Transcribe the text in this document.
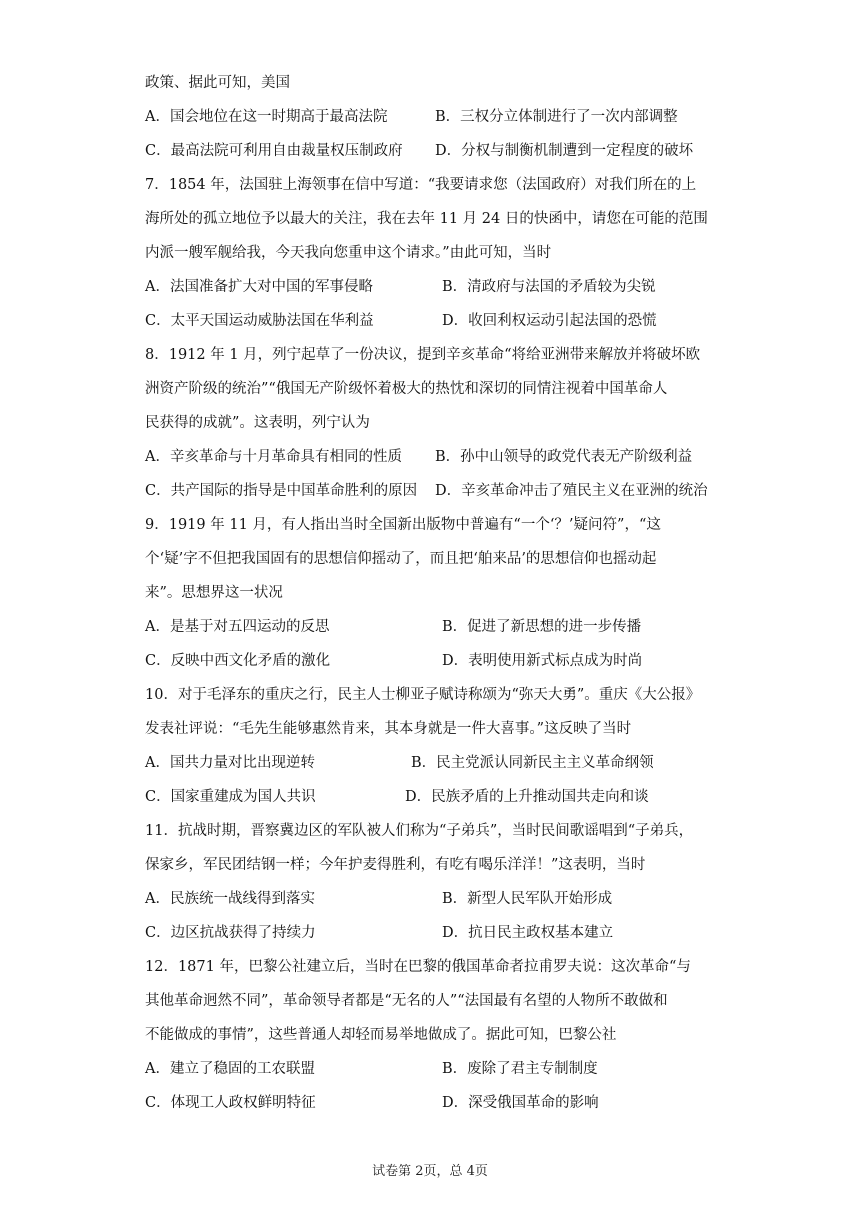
政策、据此可知，美国
A．国会地位在这一时期高于最高法院	B．三权分立体制进行了一次内部调整
C．最高法院可利用自由裁量权压制政府 D．分权与制衡机制遭到一定程度的破坏
7．1854 年，法国驻上海领事在信中写道：“我要请求您（法国政府）对我们所在的上
海所处的孤立地位予以最大的关注，我在去年 11 月 24 日的快函中，请您在可能的范围
内派一艘军舰给我，今天我向您重申这个请求。”由此可知，当时
A．法国准备扩大对中国的军事侵略	B．清政府与法国的矛盾较为尖锐
C．太平天国运动威胁法国在华利益	D．收回利权运动引起法国的恐慌
8．1912 年 1 月，列宁起草了一份决议，提到辛亥革命“将给亚洲带来解放并将破坏欧
洲资产阶级的统治”“俄国无产阶级怀着极大的热忱和深切的同情注视着中国革命人
民获得的成就”。这表明，列宁认为
A．辛亥革命与十月革命具有相同的性质 B．孙中山领导的政党代表无产阶级利益
C．共产国际的指导是中国革命胜利的原因 D．辛亥革命冲击了殖民主义在亚洲的统治
9．1919 年 11 月，有人指出当时全国新出版物中普遍有“一个‘？’疑问符”，“这
个‘疑’字不但把我国固有的思想信仰摇动了，而且把‘舶来品’的思想信仰也摇动起
来”。思想界这一状况
A．是基于对五四运动的反思	B．促进了新思想的进一步传播
C．反映中西文化矛盾的激化	D．表明使用新式标点成为时尚
10．对于毛泽东的重庆之行，民主人士柳亚子赋诗称颂为“弥天大勇”。重庆《大公报》
发表社评说：“毛先生能够惠然肯来，其本身就是一件大喜事。”这反映了当时
A．国共力量对比出现逆转	B．民主党派认同新民主主义革命纲领
C．国家重建成为国人共识	D．民族矛盾的上升推动国共走向和谈
11．抗战时期，晋察冀边区的军队被人们称为“子弟兵”，当时民间歌谣唱到“子弟兵，
保家乡，军民团结钢一样；今年护麦得胜利，有吃有喝乐洋洋！”这表明，当时
A．民族统一战线得到落实	B．新型人民军队开始形成
C．边区抗战获得了持续力	D．抗日民主政权基本建立
12．1871 年，巴黎公社建立后，当时在巴黎的俄国革命者拉甫罗夫说：这次革命“与
其他革命迥然不同”，革命领导者都是“无名的人”“法国最有名望的人物所不敢做和
不能做成的事情”，这些普通人却轻而易举地做成了。据此可知，巴黎公社
A．建立了稳固的工农联盟	B．废除了君主专制制度
C．体现工人政权鲜明特征	D．深受俄国革命的影响
试卷第 2页，总 4页
